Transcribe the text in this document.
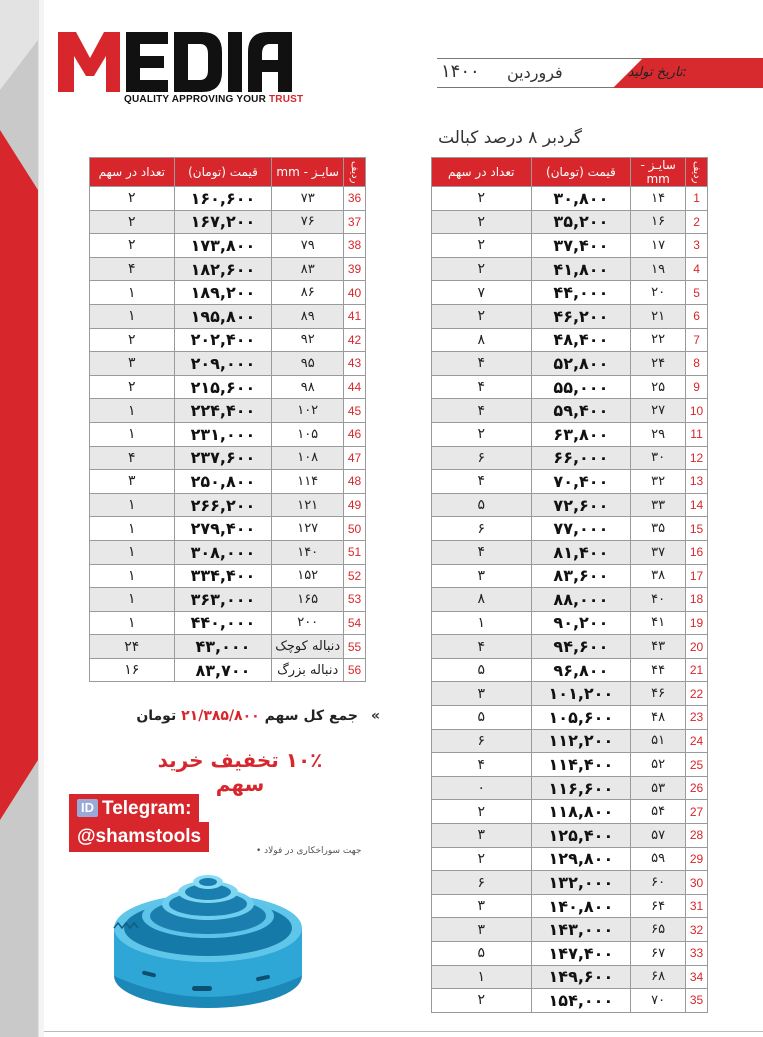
QUALITY APPROVING YOUR TRUST
تاریخ تولید:
فروردین
۱۴۰۰
گردبر ۸ درصد کبالت
ردیف	سایـز - mm	قیمت (تومان)	تعداد در سهم
1	۱۴	۳۰,۸۰۰	۲
2	۱۶	۳۵,۲۰۰	۲
3	۱۷	۳۷,۴۰۰	۲
4	۱۹	۴۱,۸۰۰	۲
5	۲۰	۴۴,۰۰۰	۷
6	۲۱	۴۶,۲۰۰	۲
7	۲۲	۴۸,۴۰۰	۸
8	۲۴	۵۲,۸۰۰	۴
9	۲۵	۵۵,۰۰۰	۴
10	۲۷	۵۹,۴۰۰	۴
11	۲۹	۶۳,۸۰۰	۲
12	۳۰	۶۶,۰۰۰	۶
13	۳۲	۷۰,۴۰۰	۴
14	۳۳	۷۲,۶۰۰	۵
15	۳۵	۷۷,۰۰۰	۶
16	۳۷	۸۱,۴۰۰	۴
17	۳۸	۸۳,۶۰۰	۳
18	۴۰	۸۸,۰۰۰	۸
19	۴۱	۹۰,۲۰۰	۱
20	۴۳	۹۴,۶۰۰	۴
21	۴۴	۹۶,۸۰۰	۵
22	۴۶	۱۰۱,۲۰۰	۳
23	۴۸	۱۰۵,۶۰۰	۵
24	۵۱	۱۱۲,۲۰۰	۶
25	۵۲	۱۱۴,۴۰۰	۴
26	۵۳	۱۱۶,۶۰۰	۰
27	۵۴	۱۱۸,۸۰۰	۲
28	۵۷	۱۲۵,۴۰۰	۳
29	۵۹	۱۲۹,۸۰۰	۲
30	۶۰	۱۳۲,۰۰۰	۶
31	۶۴	۱۴۰,۸۰۰	۳
32	۶۵	۱۴۳,۰۰۰	۳
33	۶۷	۱۴۷,۴۰۰	۵
34	۶۸	۱۴۹,۶۰۰	۱
35	۷۰	۱۵۴,۰۰۰	۲
ردیف	سایـز - mm	قیمت (تومان)	تعداد در سهم
36	۷۳	۱۶۰,۶۰۰	۲
37	۷۶	۱۶۷,۲۰۰	۲
38	۷۹	۱۷۳,۸۰۰	۲
39	۸۳	۱۸۲,۶۰۰	۴
40	۸۶	۱۸۹,۲۰۰	۱
41	۸۹	۱۹۵,۸۰۰	۱
42	۹۲	۲۰۲,۴۰۰	۲
43	۹۵	۲۰۹,۰۰۰	۳
44	۹۸	۲۱۵,۶۰۰	۲
45	۱۰۲	۲۲۴,۴۰۰	۱
46	۱۰۵	۲۳۱,۰۰۰	۱
47	۱۰۸	۲۳۷,۶۰۰	۴
48	۱۱۴	۲۵۰,۸۰۰	۳
49	۱۲۱	۲۶۶,۲۰۰	۱
50	۱۲۷	۲۷۹,۴۰۰	۱
51	۱۴۰	۳۰۸,۰۰۰	۱
52	۱۵۲	۳۳۴,۴۰۰	۱
53	۱۶۵	۳۶۳,۰۰۰	۱
54	۲۰۰	۴۴۰,۰۰۰	۱
55	دنباله کوچک	۴۳,۰۰۰	۲۴
56	دنباله بزرگ	۸۳,۷۰۰	۱۶
»
جمع کل سهم ۲۱/۳۸۵/۸۰۰ تومان
۱۰٪ تخفیف خرید سهم
ID Telegram:
@shamstools
جهت سوراخکاری در فولاد •
